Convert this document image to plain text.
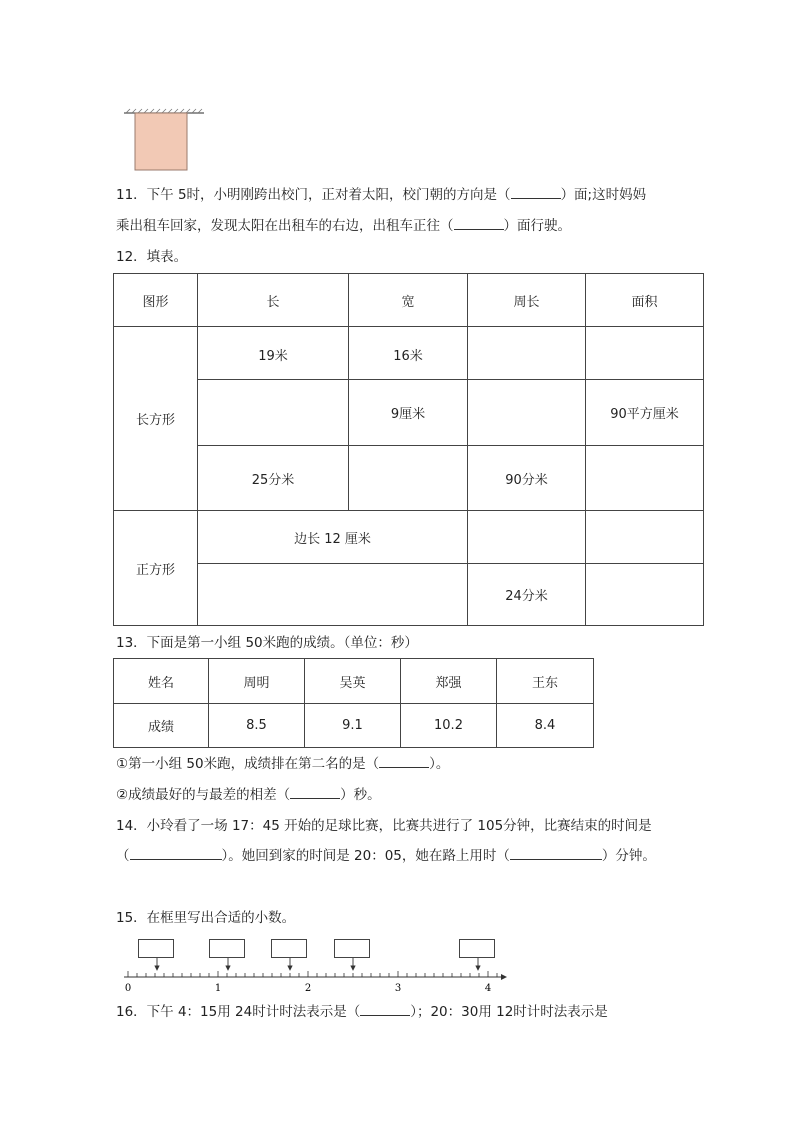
11．下午 5时，小明刚跨出校门，正对着太阳，校门朝的方向是（	）面;这时妈妈
乘出租车回家，发现太阳在出租车的右边，出租车正往（	）面行驶。
12．填表。
图形	长	宽	周长	面积
长方形	19米	16米		
		9厘米		90平方厘米
	25分米		90分米	
正方形	边长 12 厘米			
			24分米	
13．下面是第一小组 50米跑的成绩。（单位：秒）
姓名	周明	吴英	郑强	王东
成绩	8.5	9.1	10.2	8.4
①第一小组 50米跑，成绩排在第二名的是（	）。
②成绩最好的与最差的相差（	）秒。
14．小玲看了一场 17：45 开始的足球比赛，比赛共进行了 105分钟，比赛结束的时间是
（	）。她回到家的时间是 20：05，她在路上用时（	）分钟。
15．在框里写出合适的小数。
0	1	2	3	4
16．下午 4：15用 24时计时法表示是（	）；20：30用 12时计时法表示是
